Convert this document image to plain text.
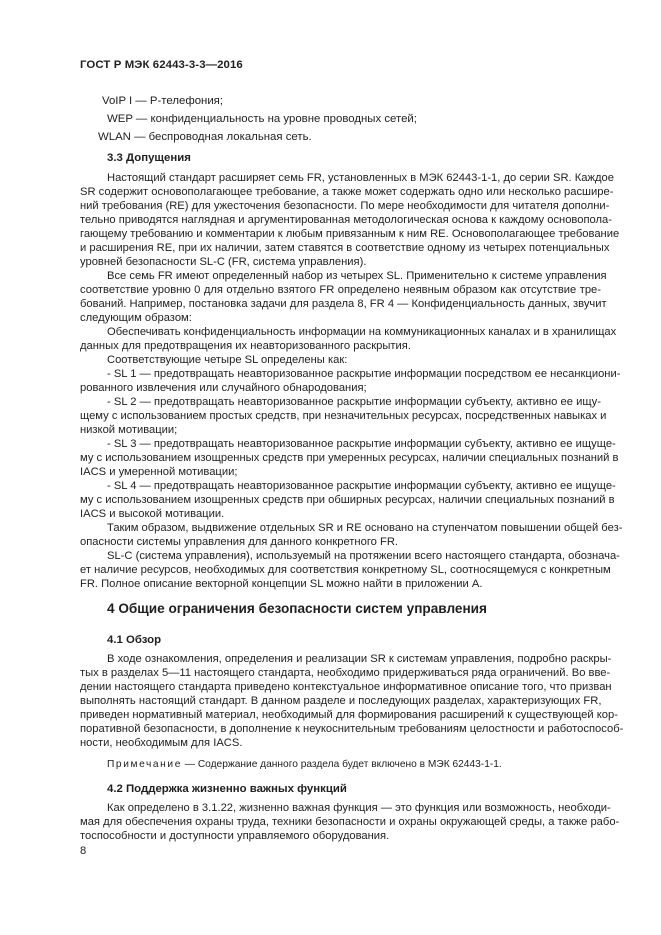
ГОСТ Р МЭК 62443-3-3—2016
VoIP I — Р-телефония;
WEP — конфиденциальность на уровне проводных сетей;
WLAN — беспроводная локальная сеть.
3.3 Допущения
Настоящий стандарт расширяет семь FR, установленных в МЭК 62443-1-1, до серии SR. Каждое
SR содержит основополагающее требование, а также может содержать одно или несколько расшире-
ний требования (RE) для ужесточения безопасности. По мере необходимости для читателя дополни-
тельно приводятся наглядная и аргументированная методологическая основа к каждому основопола-
гающему требованию и комментарии к любым привязанным к ним RE. Основополагающее требование
и расширения RE, при их наличии, затем ставятся в соответствие одному из четырех потенциальных
уровней безопасности SL-C (FR, система управления).
Все семь FR имеют определенный набор из четырех SL. Применительно к системе управления
соответствие уровню 0 для отдельно взятого FR определено неявным образом как отсутствие тре-
бований. Например, постановка задачи для раздела 8, FR 4 — Конфиденциальность данных, звучит
следующим образом:
Обеспечивать конфиденциальность информации на коммуникационных каналах и в хранилищах
данных для предотвращения их неавторизованного раскрытия.
Соответствующие четыре SL определены как:
- SL 1 — предотвращать неавторизованное раскрытие информации посредством ее несанкциони-
рованного извлечения или случайного обнародования;
- SL 2 — предотвращать неавторизованное раскрытие информации субъекту, активно ее ищу-
щему с использованием простых средств, при незначительных ресурсах, посредственных навыках и
низкой мотивации;
- SL 3 — предотвращать неавторизованное раскрытие информации субъекту, активно ее ищуще-
му с использованием изощренных средств при умеренных ресурсах, наличии специальных познаний в
IACS и умеренной мотивации;
- SL 4 — предотвращать неавторизованное раскрытие информации субъекту, активно ее ищуще-
му с использованием изощренных средств при обширных ресурсах, наличии специальных познаний в
IACS и высокой мотивации.
Таким образом, выдвижение отдельных SR и RE основано на ступенчатом повышении общей без-
опасности системы управления для данного конкретного FR.
SL-C (система управления), используемый на протяжении всего настоящего стандарта, обознача-
ет наличие ресурсов, необходимых для соответствия конкретному SL, соотносящемуся с конкретным
FR. Полное описание векторной концепции SL можно найти в приложении А.
4 Общие ограничения безопасности систем управления
4.1 Обзор
В ходе ознакомления, определения и реализации SR к системам управления, подробно раскры-
тых в разделах 5—11 настоящего стандарта, необходимо придерживаться ряда ограничений. Во вве-
дении настоящего стандарта приведено контекстуальное информативное описание того, что призван
выполнять настоящий стандарт. В данном разделе и последующих разделах, характеризующих FR,
приведен нормативный материал, необходимый для формирования расширений к существующей кор-
поративной безопасности, в дополнение к неукоснительным требованиям целостности и работоспособ-
ности, необходимым для IACS.
Примечание — Содержание данного раздела будет включено в МЭК 62443-1-1.
4.2 Поддержка жизненно важных функций
Как определено в 3.1.22, жизненно важная функция — это функция или возможность, необходи-
мая для обеспечения охраны труда, техники безопасности и охраны окружающей среды, а также рабо-
тоспособности и доступности управляемого оборудования.
8
